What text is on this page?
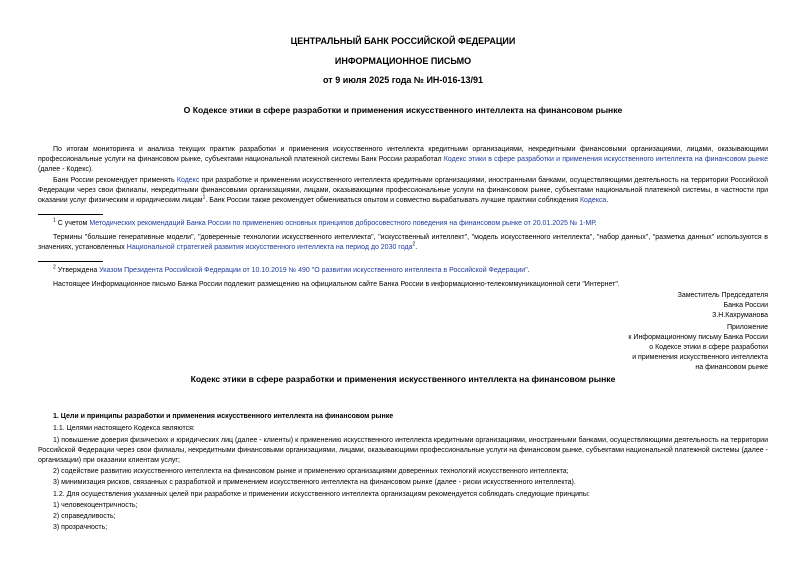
ЦЕНТРАЛЬНЫЙ БАНК РОССИЙСКОЙ ФЕДЕРАЦИИ
ИНФОРМАЦИОННОЕ ПИСЬМО
от 9 июля 2025 года № ИН-016-13/91
О Кодексе этики в сфере разработки и применения искусственного интеллекта на финансовом рынке
По итогам мониторинга и анализа текущих практик разработки и применения искусственного интеллекта кредитными организациями, некредитными финансовыми организациями, лицами, оказывающими профессиональные услуги на финансовом рынке, субъектами национальной платежной системы Банк России разработал Кодекс этики в сфере разработки и применения искусственного интеллекта на финансовом рынке (далее - Кодекс).
Банк России рекомендует применять Кодекс при разработке и применении искусственного интеллекта кредитными организациями, иностранными банками, осуществляющими деятельность на территории Российской Федерации через свои филиалы, некредитными финансовыми организациями, лицами, оказывающими профессиональные услуги на финансовом рынке, субъектами национальной платежной системы, в частности при оказании услуг физическим и юридическим лицам$^1$. Банк России также рекомендует обмениваться опытом и совместно вырабатывать лучшие практики соблюдения Кодекса.
$^1$ С учетом Методических рекомендаций Банка России по применению основных принципов добросовестного поведения на финансовом рынке от 20.01.2025 № 1-МР.
Термины "большие генеративные модели", "доверенные технологии искусственного интеллекта", "искусственный интеллект", "модель искусственного интеллекта", "набор данных", "разметка данных" используются в значениях, установленных Национальной стратегией развития искусственного интеллекта на период до 2030 года$^2$.
$^2$ Утверждена Указом Президента Российской Федерации от 10.10.2019 № 490 "О развитии искусственного интеллекта в Российской Федерации".
Настоящее Информационное письмо Банка России подлежит размещению на официальном сайте Банка России в информационно-телекоммуникационной сети "Интернет".
Заместитель Председателя
Банка России
З.Н.Кахруманова
Приложение
к Информационному письму Банка России
о Кодексе этики в сфере разработки
и применения искусственного интеллекта
на финансовом рынке
Кодекс этики в сфере разработки и применения искусственного интеллекта на финансовом рынке
1. Цели и принципы разработки и применения искусственного интеллекта на финансовом рынке
1.1. Целями настоящего Кодекса являются:
1) повышение доверия физических и юридических лиц (далее - клиенты) к применению искусственного интеллекта кредитными организациями, иностранными банками, осуществляющими деятельность на территории Российской Федерации через свои филиалы, некредитными финансовыми организациями, лицами, оказывающими профессиональные услуги на финансовом рынке, субъектами национальной платежной системы (далее - организации) при оказании клиентам услуг;
2) содействие развитию искусственного интеллекта на финансовом рынке и применению организациями доверенных технологий искусственного интеллекта;
3) минимизация рисков, связанных с разработкой и применением искусственного интеллекта на финансовом рынке (далее - риски искусственного интеллекта).
1.2. Для осуществления указанных целей при разработке и применении искусственного интеллекта организациям рекомендуется соблюдать следующие принципы:
1) человекоцентричность;
2) справедливость;
3) прозрачность;
